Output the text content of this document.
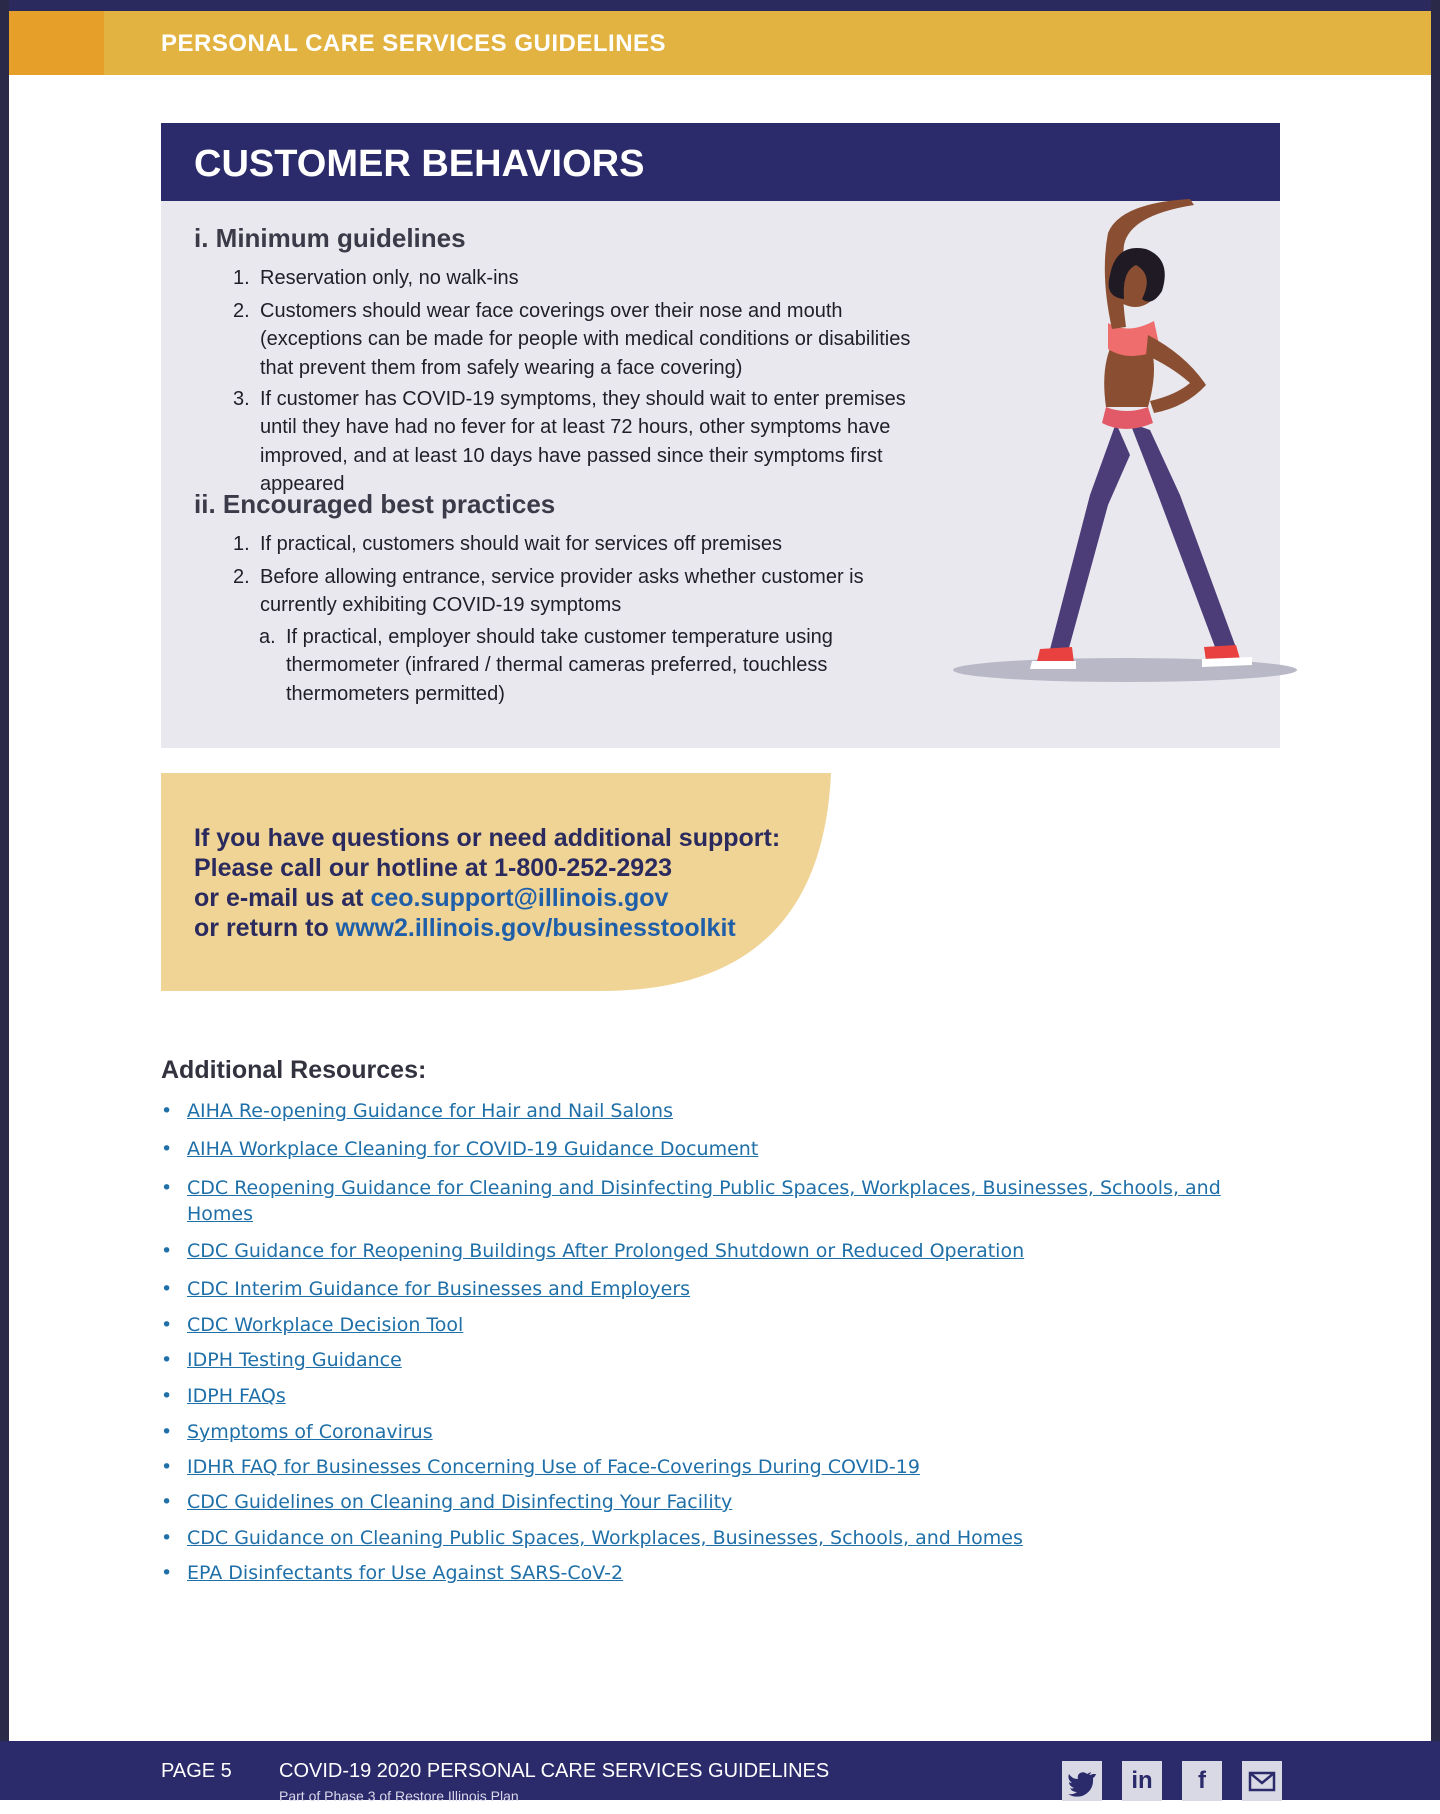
PERSONAL CARE SERVICES GUIDELINES
CUSTOMER BEHAVIORS
i. Minimum guidelines
1. Reservation only, no walk-ins
2. Customers should wear face coverings over their nose and mouth (exceptions can be made for people with medical conditions or disabilities that prevent them from safely wearing a face covering)
3. If customer has COVID-19 symptoms, they should wait to enter premises until they have had no fever for at least 72 hours, other symptoms have improved, and at least 10 days have passed since their symptoms first appeared
ii. Encouraged best practices
1. If practical, customers should wait for services off premises
2. Before allowing entrance, service provider asks whether customer is currently exhibiting COVID-19 symptoms
a. If practical, employer should take customer temperature using thermometer (infrared / thermal cameras preferred, touchless thermometers permitted)
If you have questions or need additional support:
Please call our hotline at 1-800-252-2923
or e-mail us at ceo.support@illinois.gov
or return to www2.illinois.gov/businesstoolkit
Additional Resources:
• AIHA Re-opening Guidance for Hair and Nail Salons
• AIHA Workplace Cleaning for COVID-19 Guidance Document
• CDC Reopening Guidance for Cleaning and Disinfecting Public Spaces, Workplaces, Businesses, Schools, and Homes
• CDC Guidance for Reopening Buildings After Prolonged Shutdown or Reduced Operation
• CDC Interim Guidance for Businesses and Employers
• CDC Workplace Decision Tool
• IDPH Testing Guidance
• IDPH FAQs
• Symptoms of Coronavirus
• IDHR FAQ for Businesses Concerning Use of Face-Coverings During COVID-19
• CDC Guidelines on Cleaning and Disinfecting Your Facility
• CDC Guidance on Cleaning Public Spaces, Workplaces, Businesses, Schools, and Homes
• EPA Disinfectants for Use Against SARS-CoV-2
PAGE 5 COVID-19 2020 PERSONAL CARE SERVICES GUIDELINES
Part of Phase 3 of Restore Illinois Plan
in	f
